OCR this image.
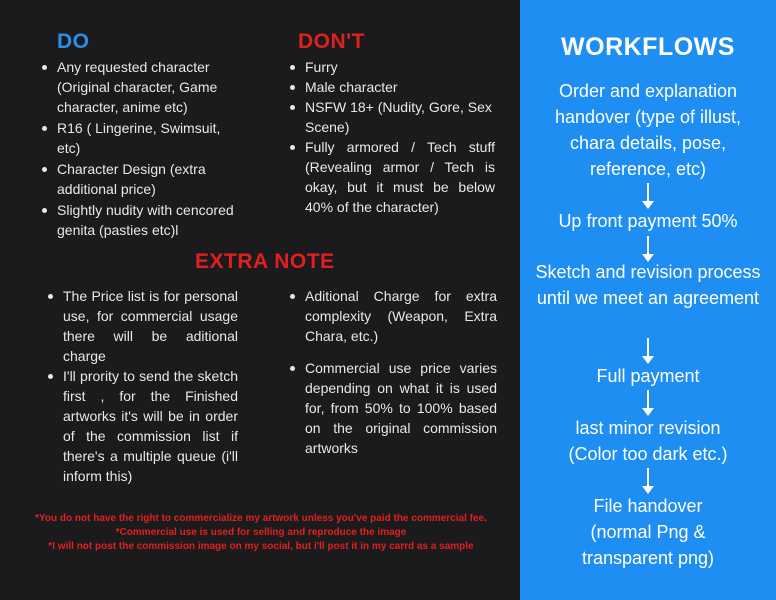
DO	DON'T
Any requested character (Original character, Game character, anime etc)
R16 ( Lingerine, Swimsuit, etc)
Character Design (extra additional price)
Slightly nudity with cencored genita (pasties etc)l
Furry
Male character
NSFW 18+ (Nudity, Gore, Sex Scene)
Fully armored / Tech stuff (Revealing armor / Tech is okay, but it must be below 40% of the character)
EXTRA NOTE
The Price list is for personal use, for commercial usage there will be aditional charge
I'll prority to send the sketch first , for the Finished artworks it's will be in order of the commission list if there's a multiple queue (i'll inform this)
Aditional Charge for extra complexity (Weapon, Extra Chara, etc.)
Commercial use price varies depending on what it is used for, from 50% to 100% based on the original commission artworks
*You do not have the right to commercialize my artwork unless you've paid the commercial fee.
*Commercial use is used for selling and reproduce the image
*I will not post the commission image on my social, but i'll post it in my carrd as a sample
WORKFLOWS
Order and explanation handover (type of illust, chara details, pose, reference, etc)
Up front payment 50%
Sketch and revision process until we meet an agreement
Full payment
last minor revision (Color too dark etc.)
File handover (normal Png & transparent png)
